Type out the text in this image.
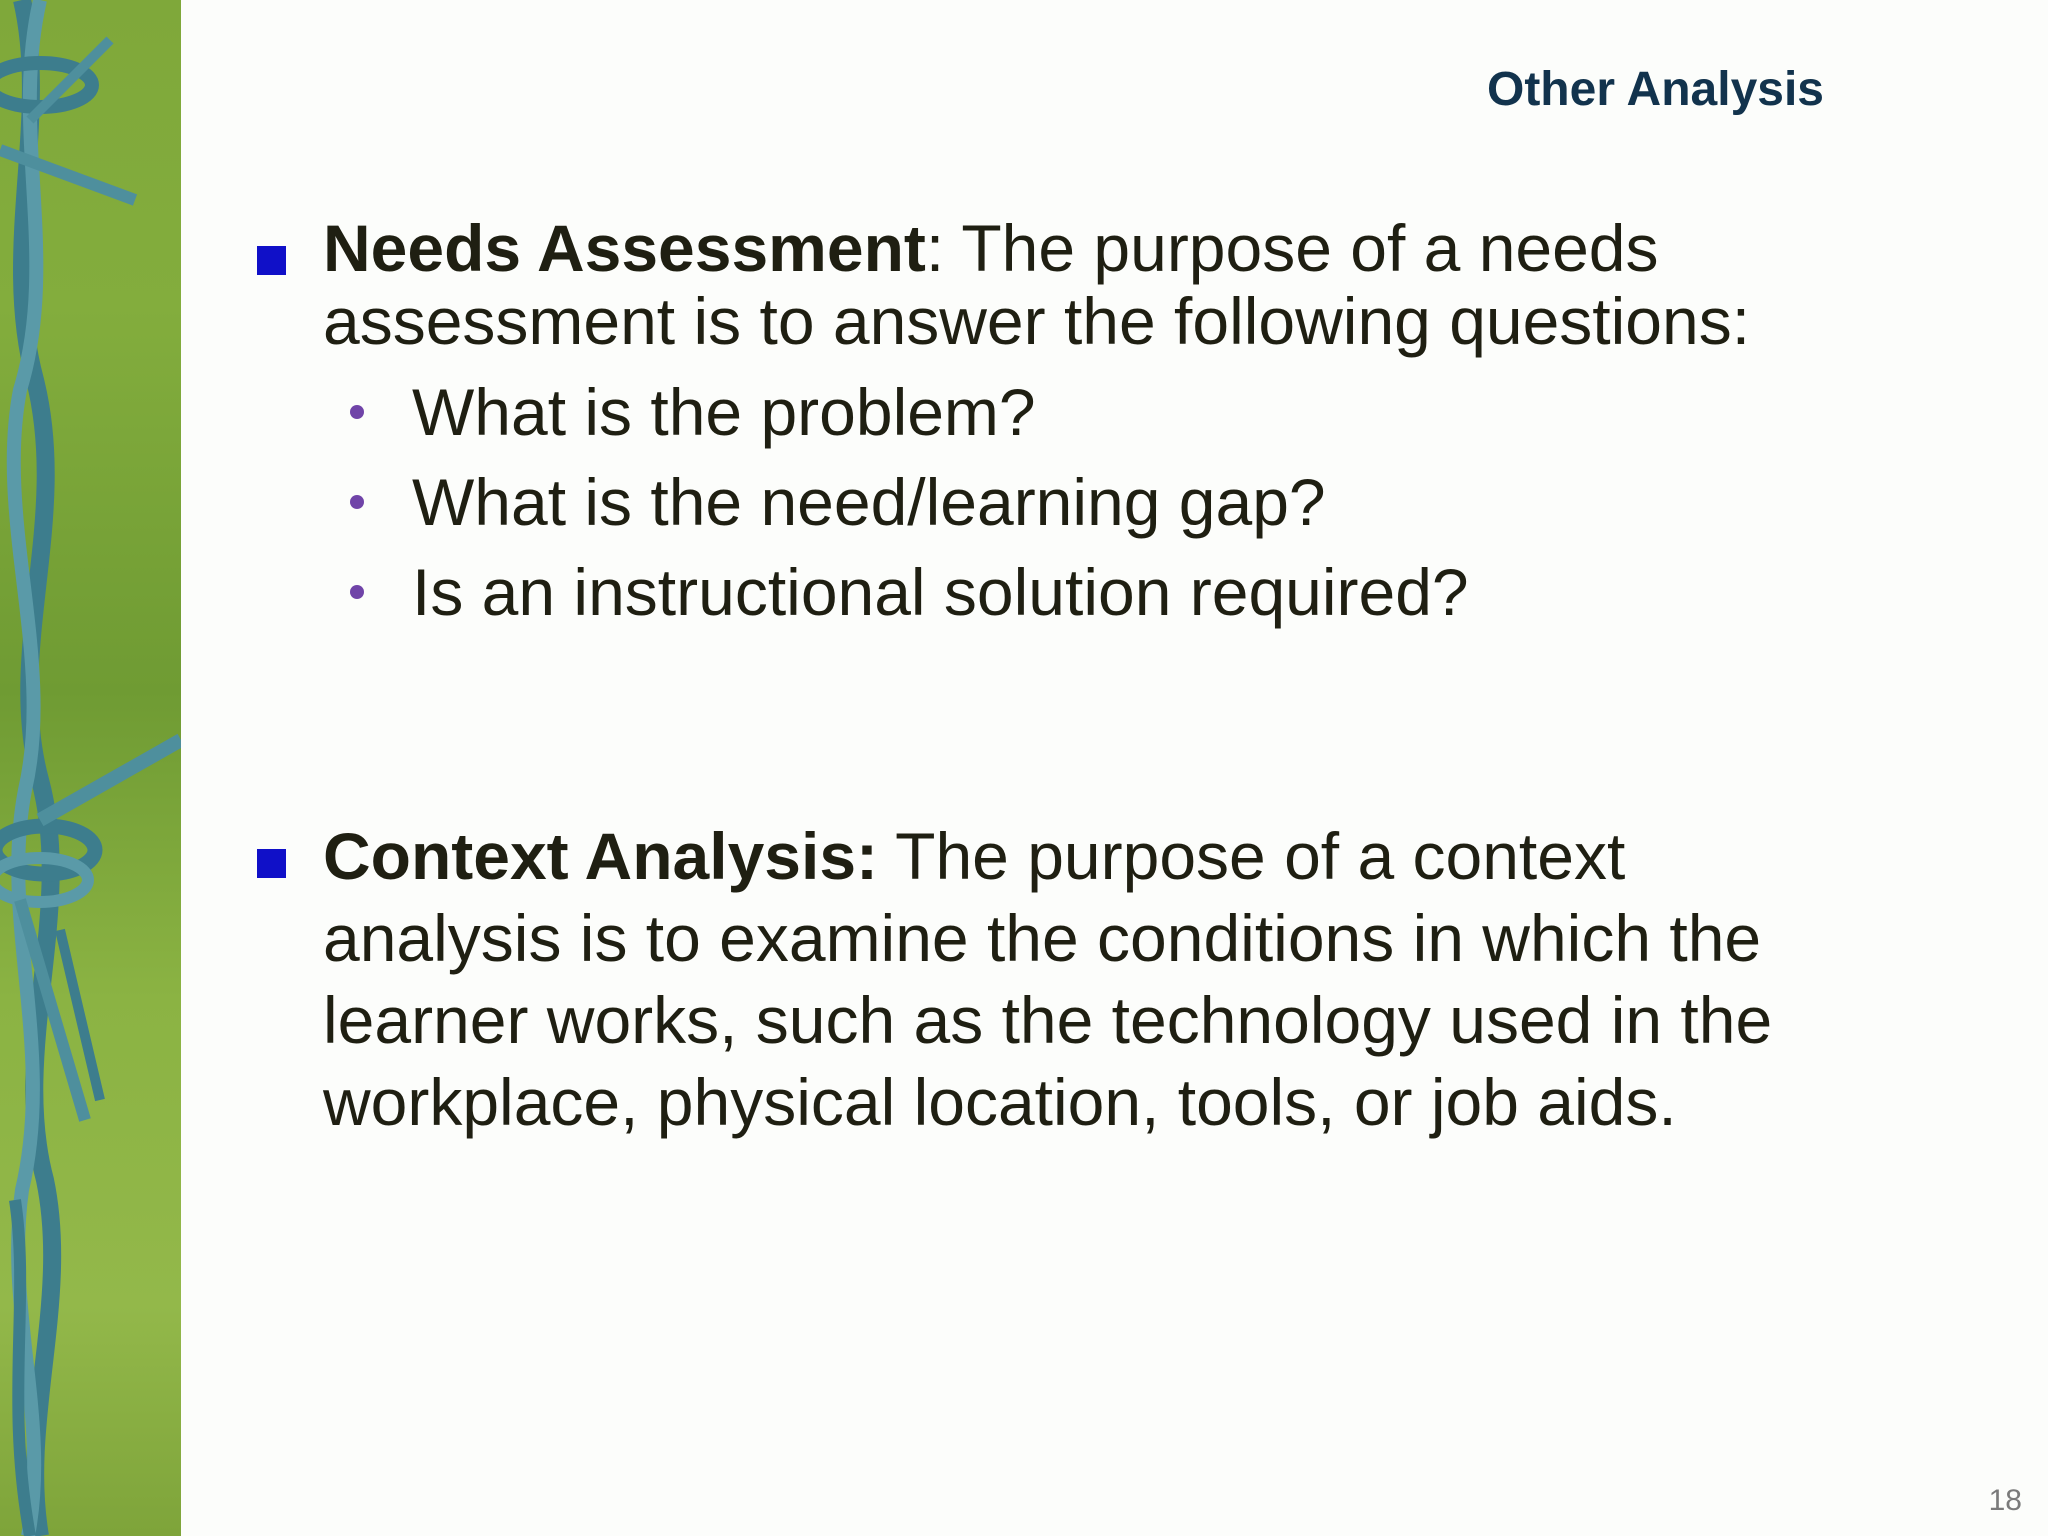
Other Analysis
Needs Assessment: The purpose of a needs assessment is to answer the following questions:
What is the problem?
What is the need/learning gap?
Is an instructional solution required?
Context Analysis: The purpose of a context analysis is to examine the conditions in which the learner works, such as the technology used in the workplace, physical location, tools, or job aids.
18
